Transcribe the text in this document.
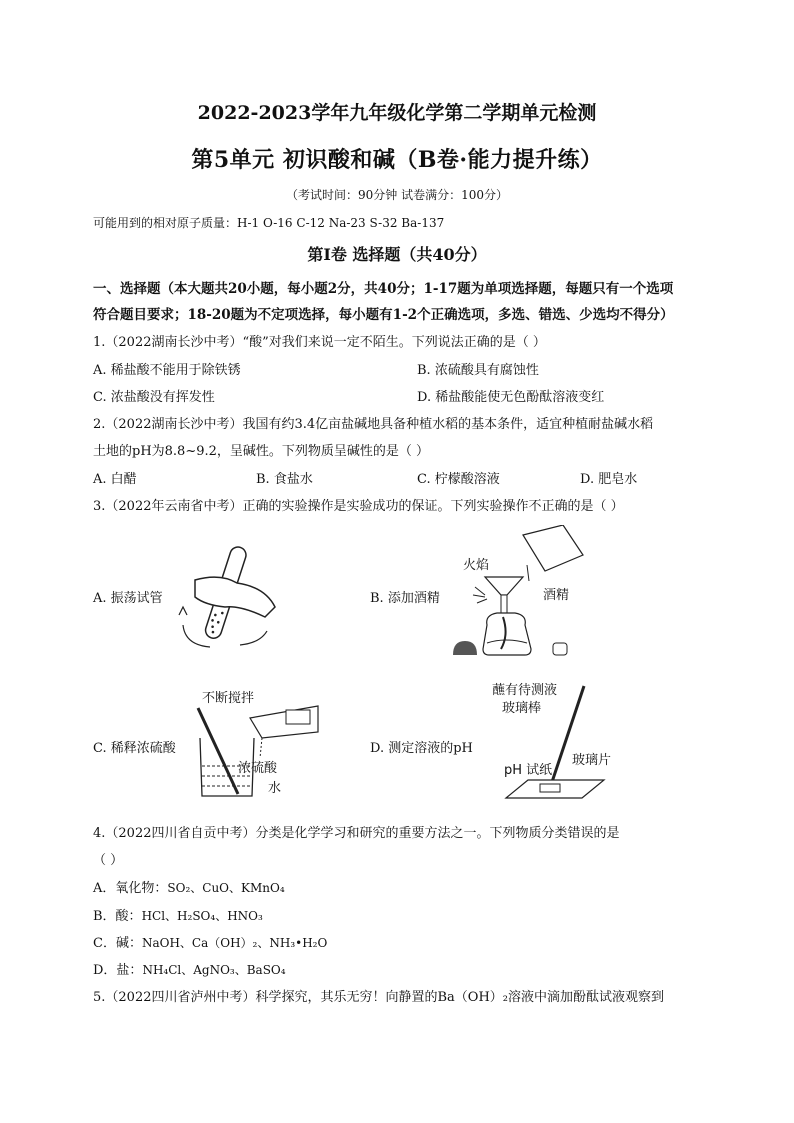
2022-2023学年九年级化学第二学期单元检测
第5单元 初识酸和碱（B卷·能力提升练）
（考试时间：90分钟 试卷满分：100分）
可能用到的相对原子质量：H-1 O-16 C-12 Na-23 S-32 Ba-137
第Ⅰ卷 选择题（共40分）
一、选择题（本大题共20小题，每小题2分，共40分；1-17题为单项选择题，每题只有一个选项
符合题目要求；18-20题为不定项选择，每小题有1-2个正确选项，多选、错选、少选均不得分）
1.（2022湖南长沙中考）“酸”对我们来说一定不陌生。下列说法正确的是（ ）
A. 稀盐酸不能用于除铁锈	B. 浓硫酸具有腐蚀性
C. 浓盐酸没有挥发性	D. 稀盐酸能使无色酚酞溶液变红
2.（2022湖南长沙中考）我国有约3.4亿亩盐碱地具备种植水稻的基本条件，适宜种植耐盐碱水稻
土地的pH为8.8~9.2，呈碱性。下列物质呈碱性的是（ ）
A. 白醋	B. 食盐水	C. 柠檬酸溶液	D. 肥皂水
3.（2022年云南省中考）正确的实验操作是实验成功的保证。下列实验操作不正确的是（ ）
A. 振荡试管	B. 添加酒精
C. 稀释浓硫酸	D. 测定溶液的pH
火焰
酒精
不断搅拌
浓硫酸
水
蘸有待测液
玻璃棒
玻璃片
pH 试纸
4.（2022四川省自贡中考）分类是化学学习和研究的重要方法之一。下列物质分类错误的是
（ ）
A．氧化物：SO₂、CuO、KMnO₄
B．酸：HCl、H₂SO₄、HNO₃
C．碱：NaOH、Ca（OH）₂、NH₃•H₂O
D．盐：NH₄Cl、AgNO₃、BaSO₄
5.（2022四川省泸州中考）科学探究，其乐无穷！向静置的Ba（OH）₂溶液中滴加酚酞试液观察到
